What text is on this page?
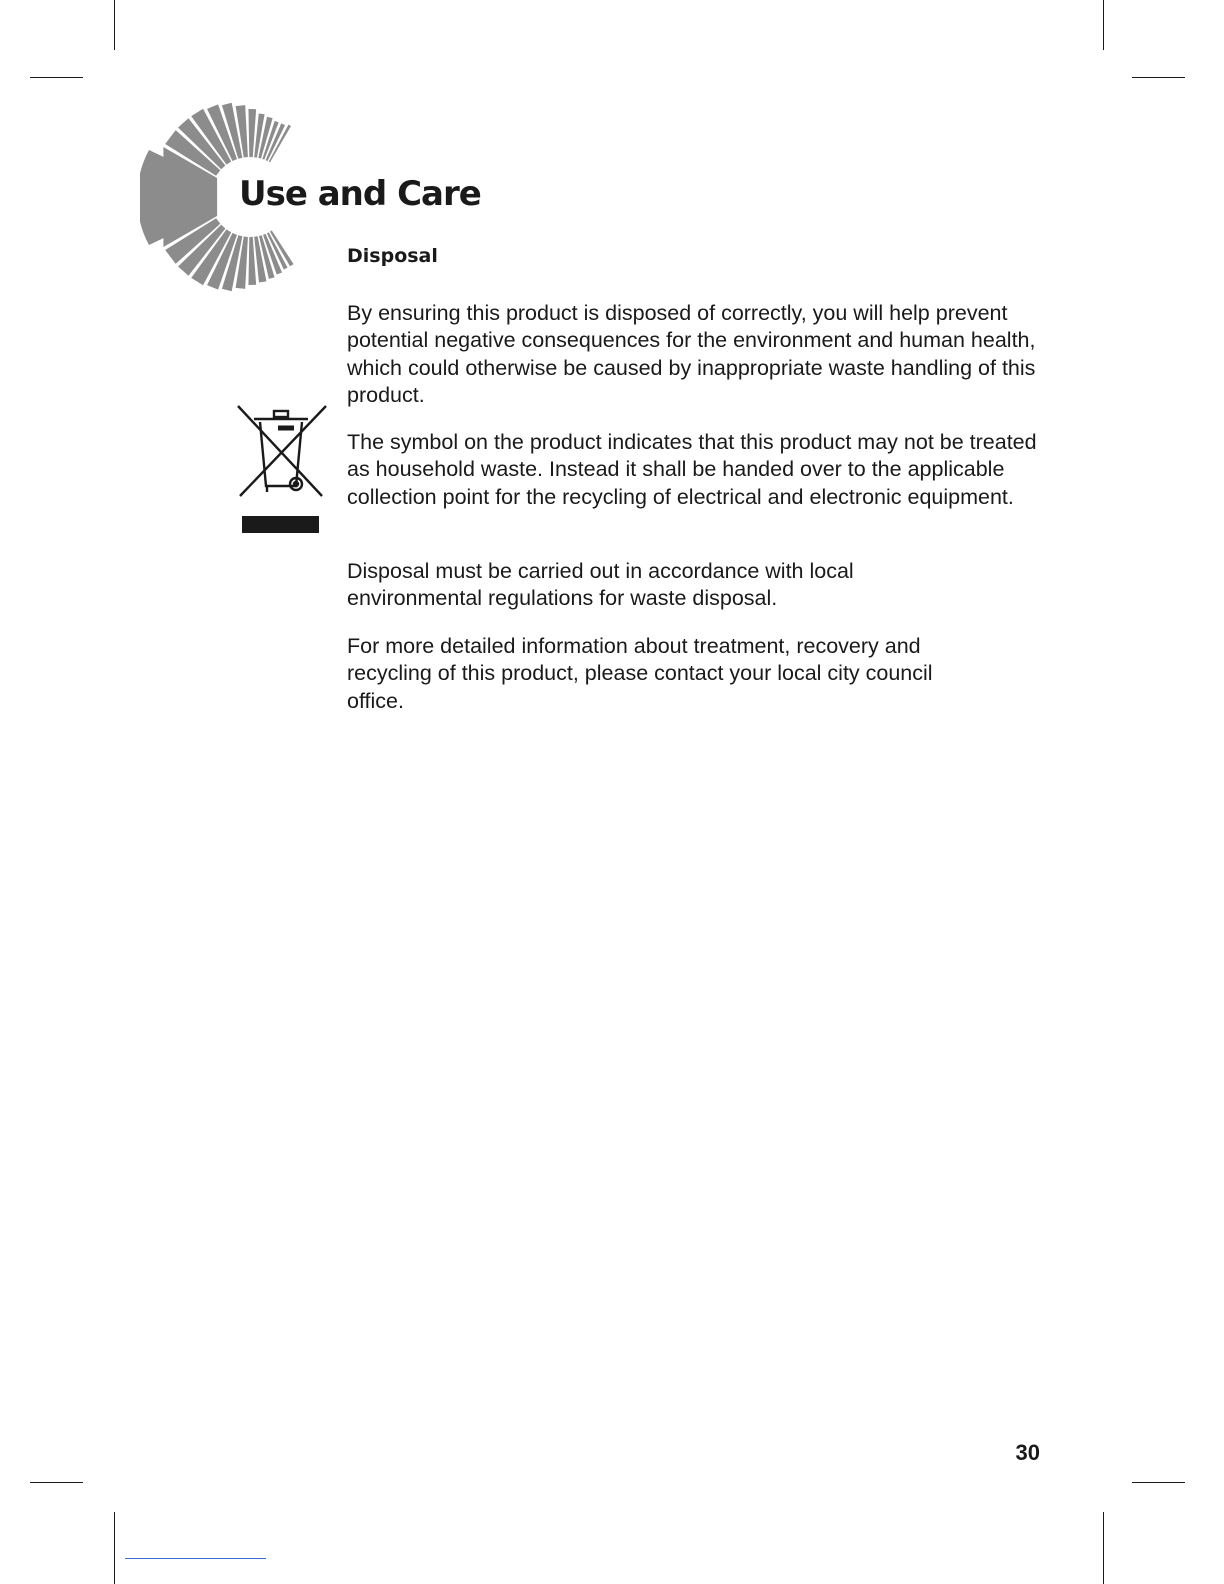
Use and Care
Disposal

By ensuring this product is disposed of correctly, you will help prevent potential negative consequences for the environment and human health, which could otherwise be caused by inappropriate waste handling of this product.

The symbol on the product indicates that this product may not be treated as household waste. Instead it shall be handed over to the applicable collection point for the recycling of electrical and electronic equipment.

Disposal must be carried out in accordance with local environmental regulations for waste disposal.

For more detailed information about treatment, recovery and recycling of this product, please contact your local city council office.

30
